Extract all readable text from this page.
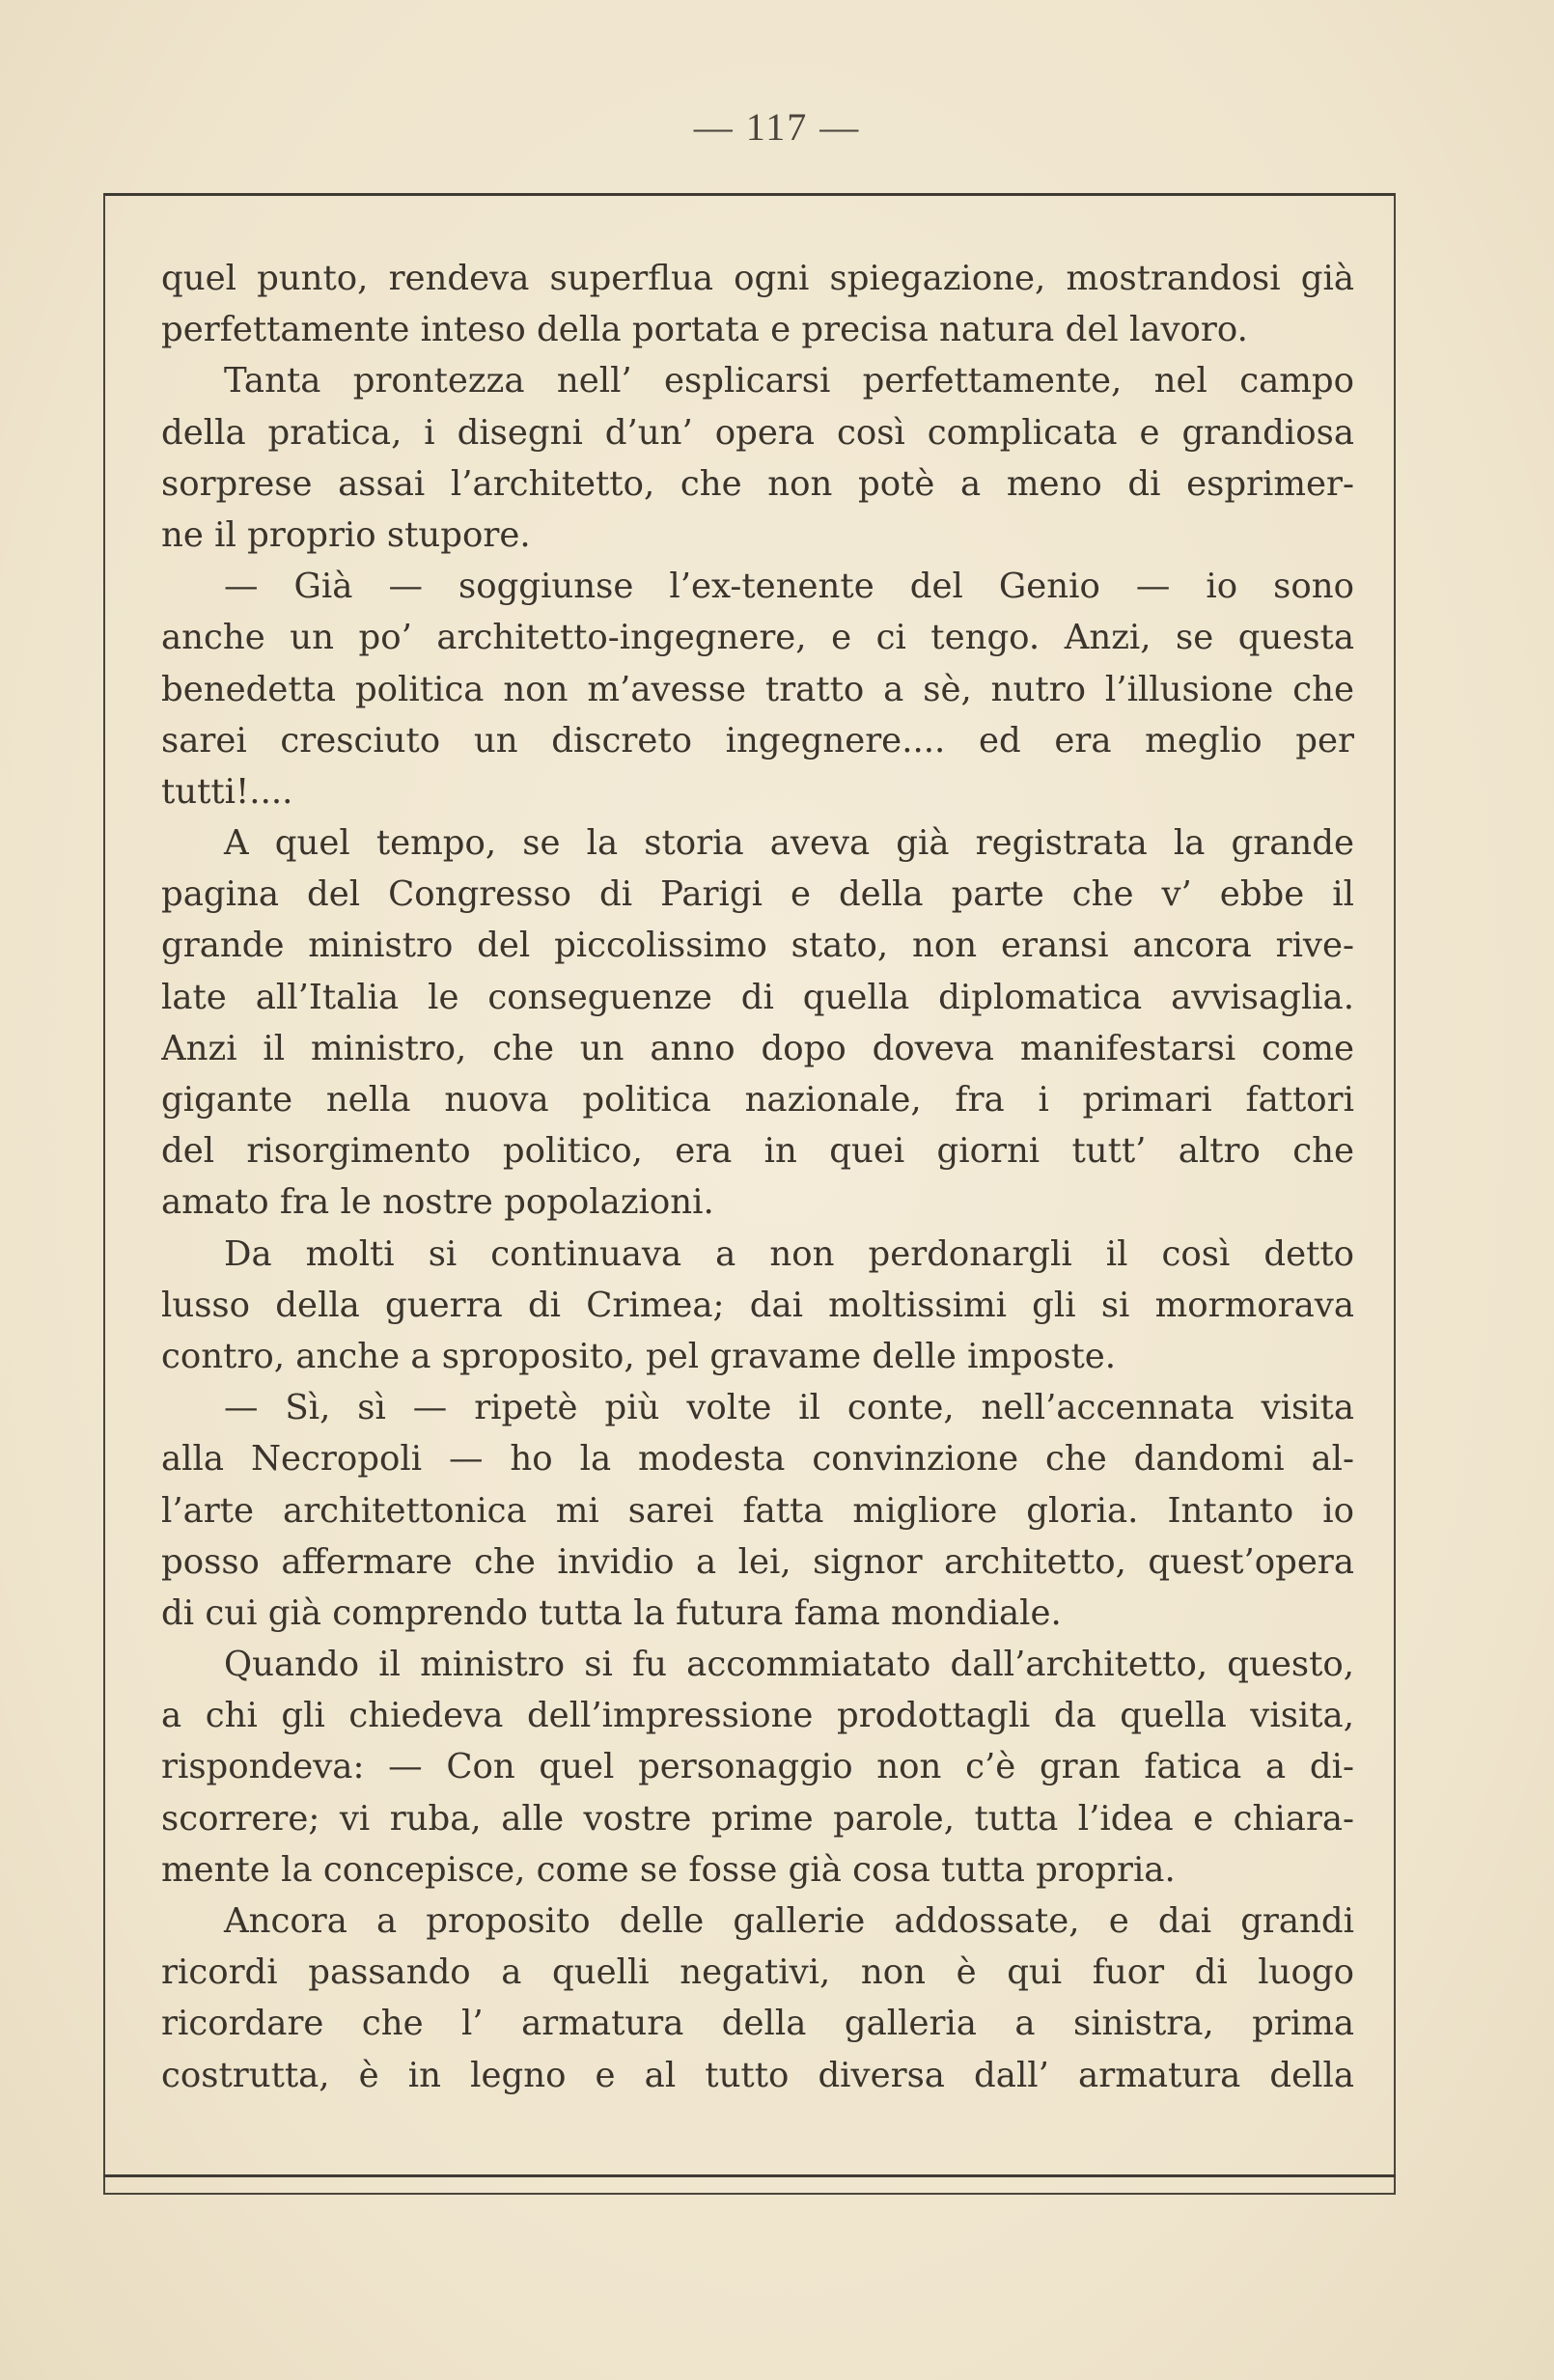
— 117 —
quel punto, rendeva superflua ogni spiegazione, mostrandosi già
perfettamente inteso della portata e precisa natura del lavoro.
Tanta prontezza nell’ esplicarsi perfettamente, nel campo
della pratica, i disegni d’un’ opera così complicata e grandiosa
sorprese assai l’architetto, che non potè a meno di esprimer-
ne il proprio stupore.
— Già — soggiunse l’ex-tenente del Genio — io sono
anche un po’ architetto-ingegnere, e ci tengo. Anzi, se questa
benedetta politica non m’avesse tratto a sè, nutro l’illusione che
sarei cresciuto un discreto ingegnere.... ed era meglio per
tutti!....
A quel tempo, se la storia aveva già registrata la grande
pagina del Congresso di Parigi e della parte che v’ ebbe il
grande ministro del piccolissimo stato, non eransi ancora rive-
late all’Italia le conseguenze di quella diplomatica avvisaglia.
Anzi il ministro, che un anno dopo doveva manifestarsi come
gigante nella nuova politica nazionale, fra i primari fattori
del risorgimento politico, era in quei giorni tutt’ altro che
amato fra le nostre popolazioni.
Da molti si continuava a non perdonargli il così detto
lusso della guerra di Crimea; dai moltissimi gli si mormorava
contro, anche a sproposito, pel gravame delle imposte.
— Sì, sì — ripetè più volte il conte, nell’accennata visita
alla Necropoli — ho la modesta convinzione che dandomi al-
l’arte architettonica mi sarei fatta migliore gloria. Intanto io
posso affermare che invidio a lei, signor architetto, quest’opera
di cui già comprendo tutta la futura fama mondiale.
Quando il ministro si fu accommiatato dall’architetto, questo,
a chi gli chiedeva dell’impressione prodottagli da quella visita,
rispondeva: — Con quel personaggio non c’è gran fatica a di-
scorrere; vi ruba, alle vostre prime parole, tutta l’idea e chiara-
mente la concepisce, come se fosse già cosa tutta propria.
Ancora a proposito delle gallerie addossate, e dai grandi
ricordi passando a quelli negativi, non è qui fuor di luogo
ricordare che l’ armatura della galleria a sinistra, prima
costrutta, è in legno e al tutto diversa dall’ armatura della
